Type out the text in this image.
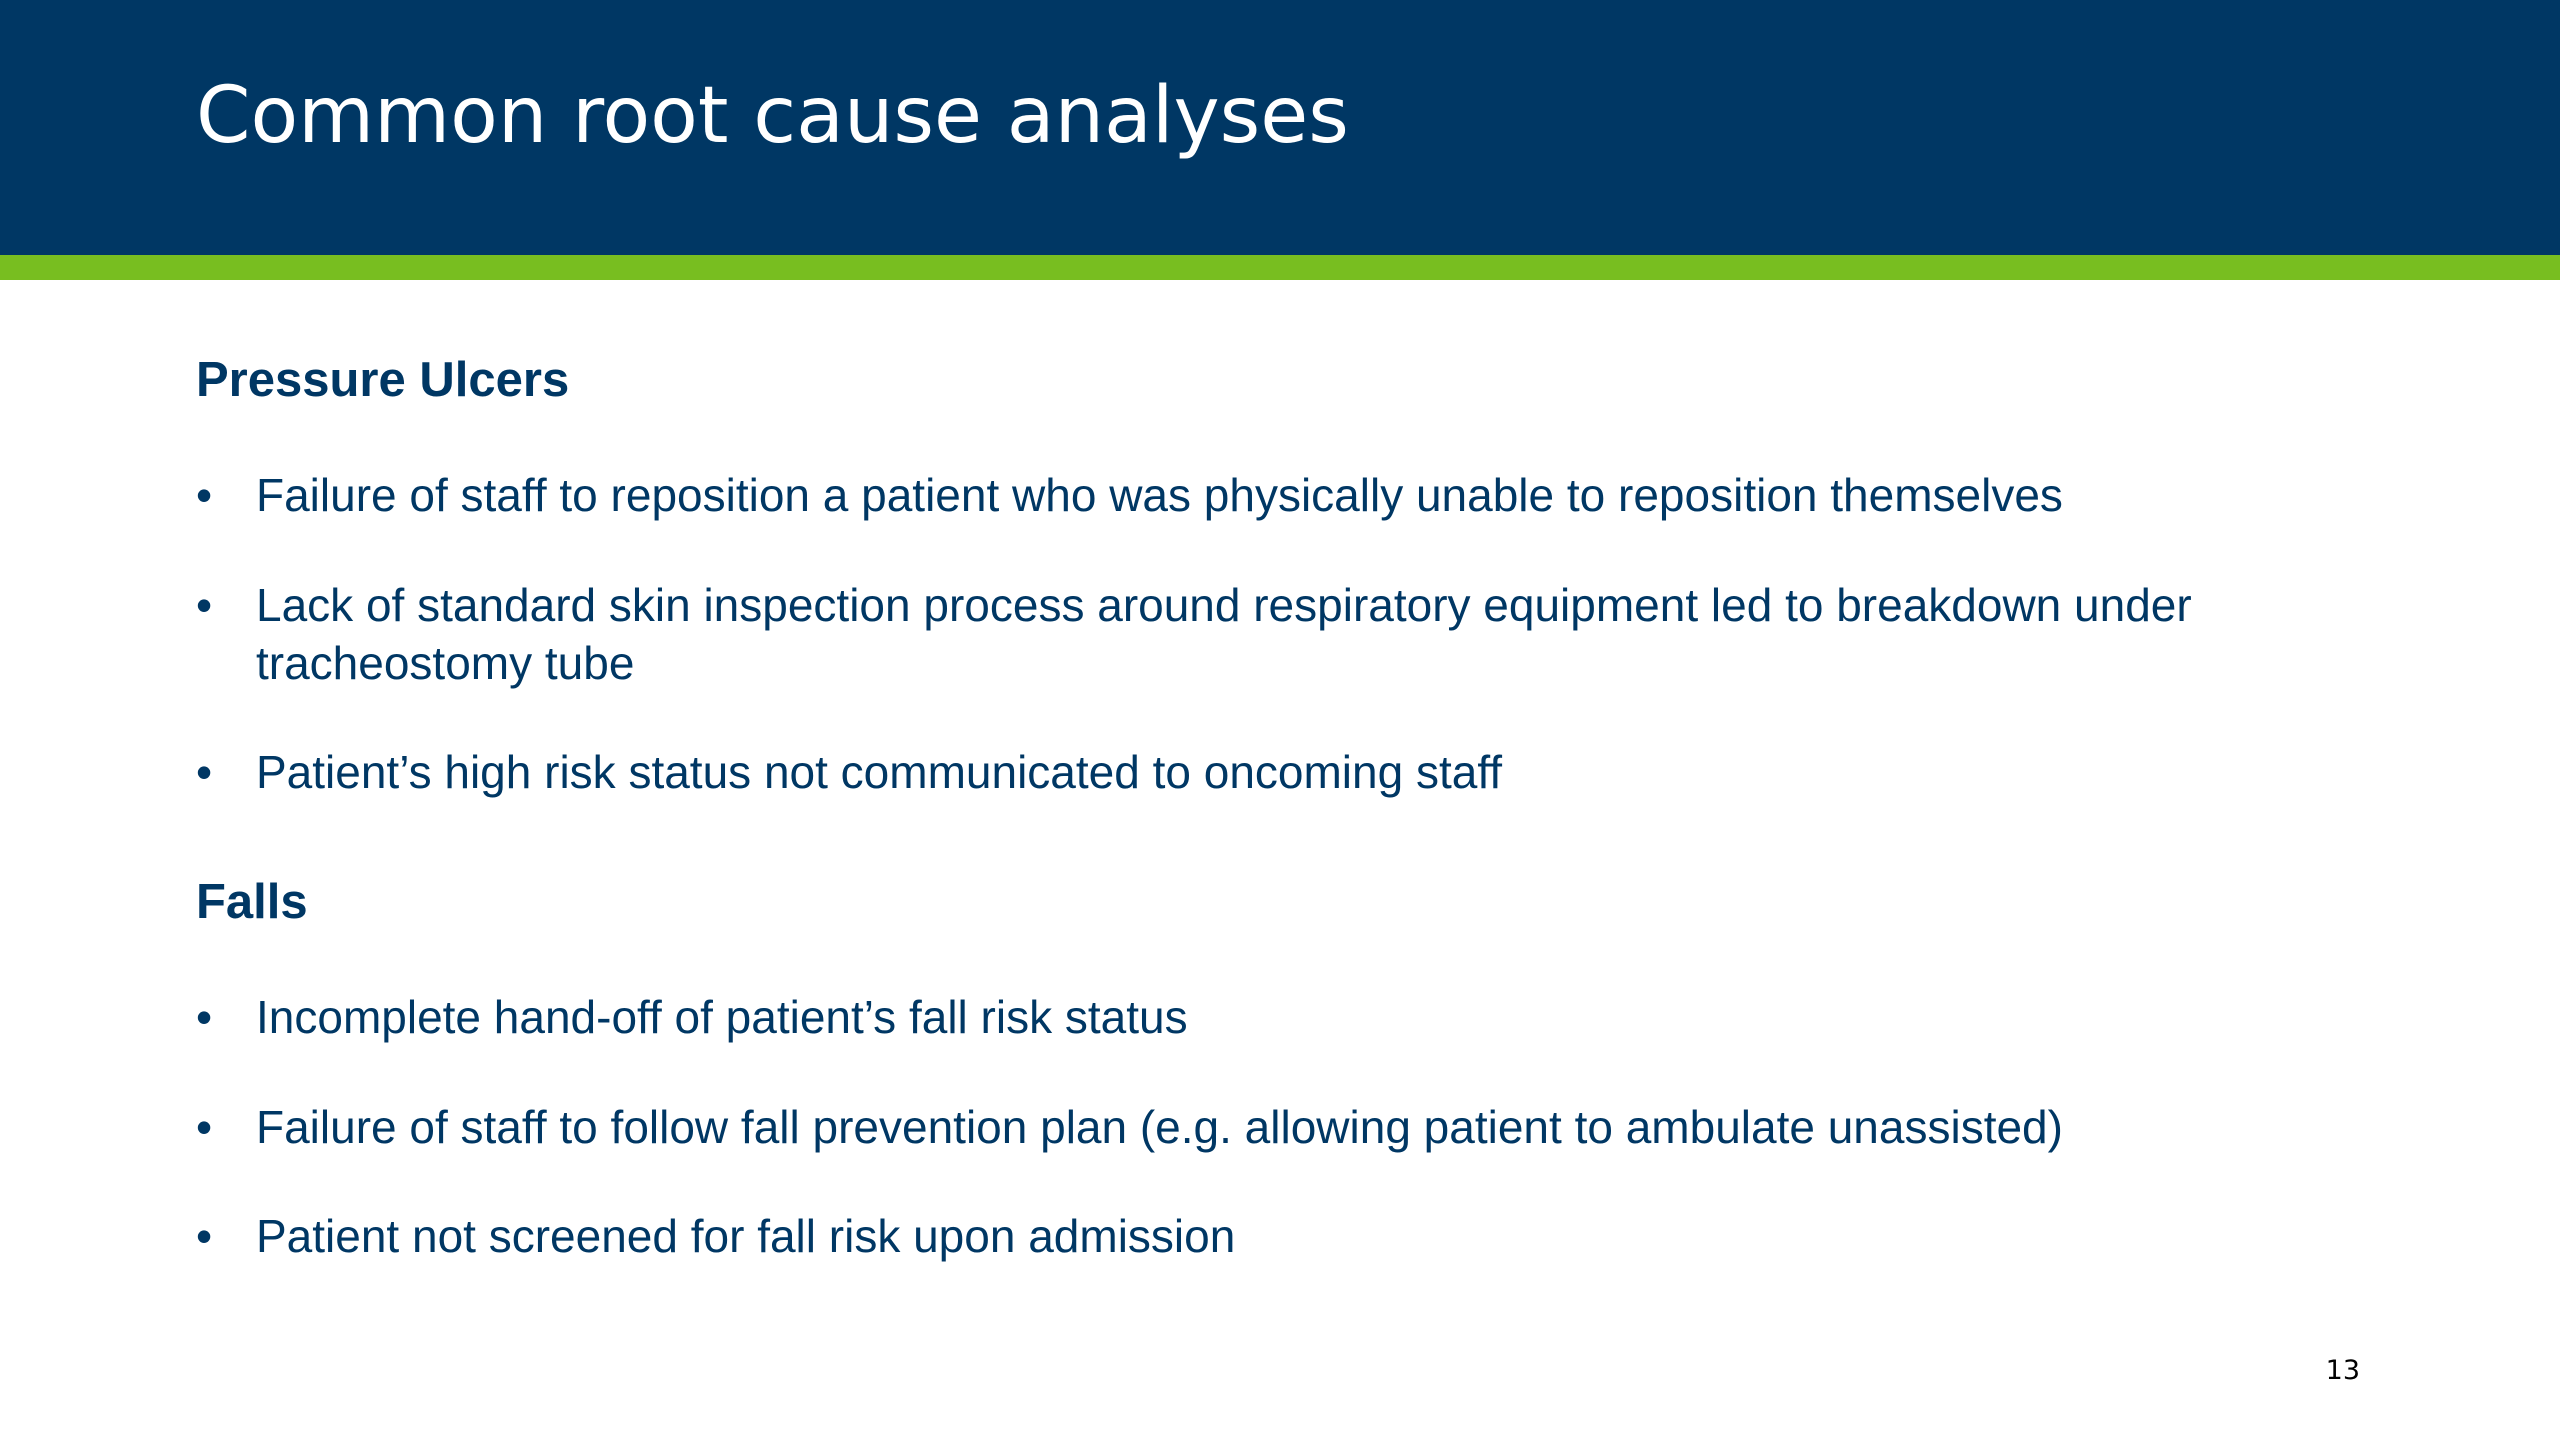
Common root cause analyses
Pressure Ulcers
• Failure of staff to reposition a patient who was physically unable to reposition themselves
• Lack of standard skin inspection process around respiratory equipment led to breakdown under tracheostomy tube
• Patient’s high risk status not communicated to oncoming staff
Falls
• Incomplete hand-off of patient’s fall risk status
• Failure of staff to follow fall prevention plan (e.g. allowing patient to ambulate unassisted)
• Patient not screened for fall risk upon admission
13
